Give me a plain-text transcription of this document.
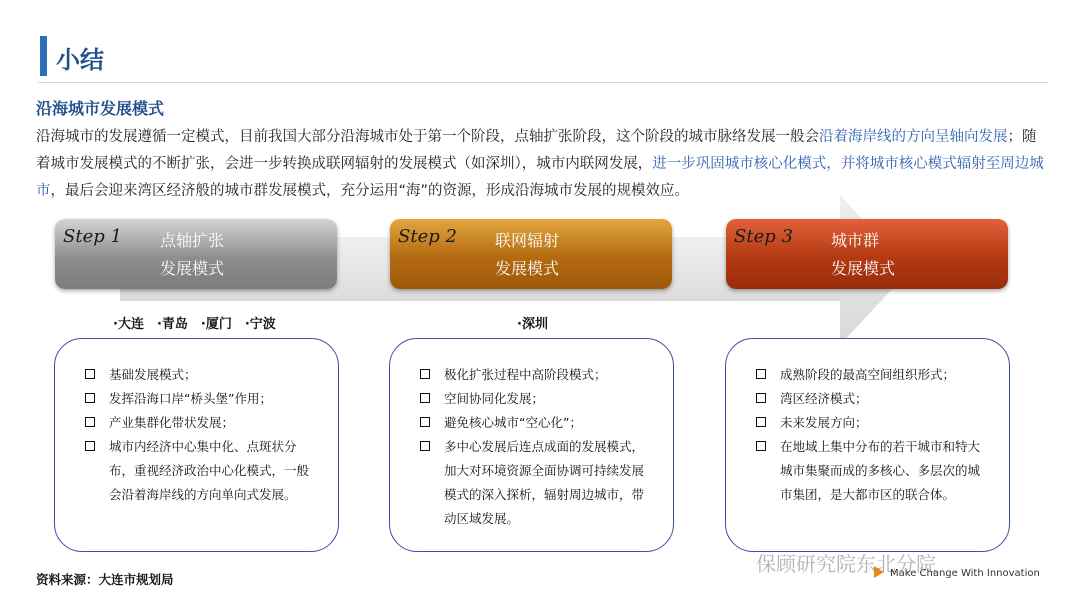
小结
沿海城市发展模式
沿海城市的发展遵循一定模式，目前我国大部分沿海城市处于第一个阶段，点轴扩张阶段，这个阶段的城市脉络发展一般会沿着海岸线的方向呈轴向发展；随着城市发展模式的不断扩张，会进一步转换成联网辐射的发展模式（如深圳），城市内联网发展，进一步巩固城市核心化模式，并将城市核心模式辐射至周边城市，最后会迎来湾区经济般的城市群发展模式，充分运用“海”的资源，形成沿海城市发展的规模效应。
Step 1 点轴扩张
发展模式
Step 2 联网辐射
发展模式
Step 3 城市群
发展模式
·大连　·青岛　·厦门　·宁波	·深圳
基础发展模式；
发挥沿海口岸“桥头堡”作用；
产业集群化带状发展；
城市内经济中心集中化、点斑状分布，重视经济政治中心化模式，一般会沿着海岸线的方向单向式发展。
极化扩张过程中高阶段模式；
空间协同化发展；
避免核心城市“空心化”；
多中心发展后连点成面的发展模式，加大对环境资源全面协调可持续发展模式的深入探析，辐射周边城市，带动区域发展。
成熟阶段的最高空间组织形式；
湾区经济模式；
未来发展方向；
在地域上集中分布的若干城市和特大城市集聚而成的多核心、多层次的城市集团，是大都市区的联合体。
资料来源：大连市规划局
保顾研究院东北分院
Make Change With Innovation
